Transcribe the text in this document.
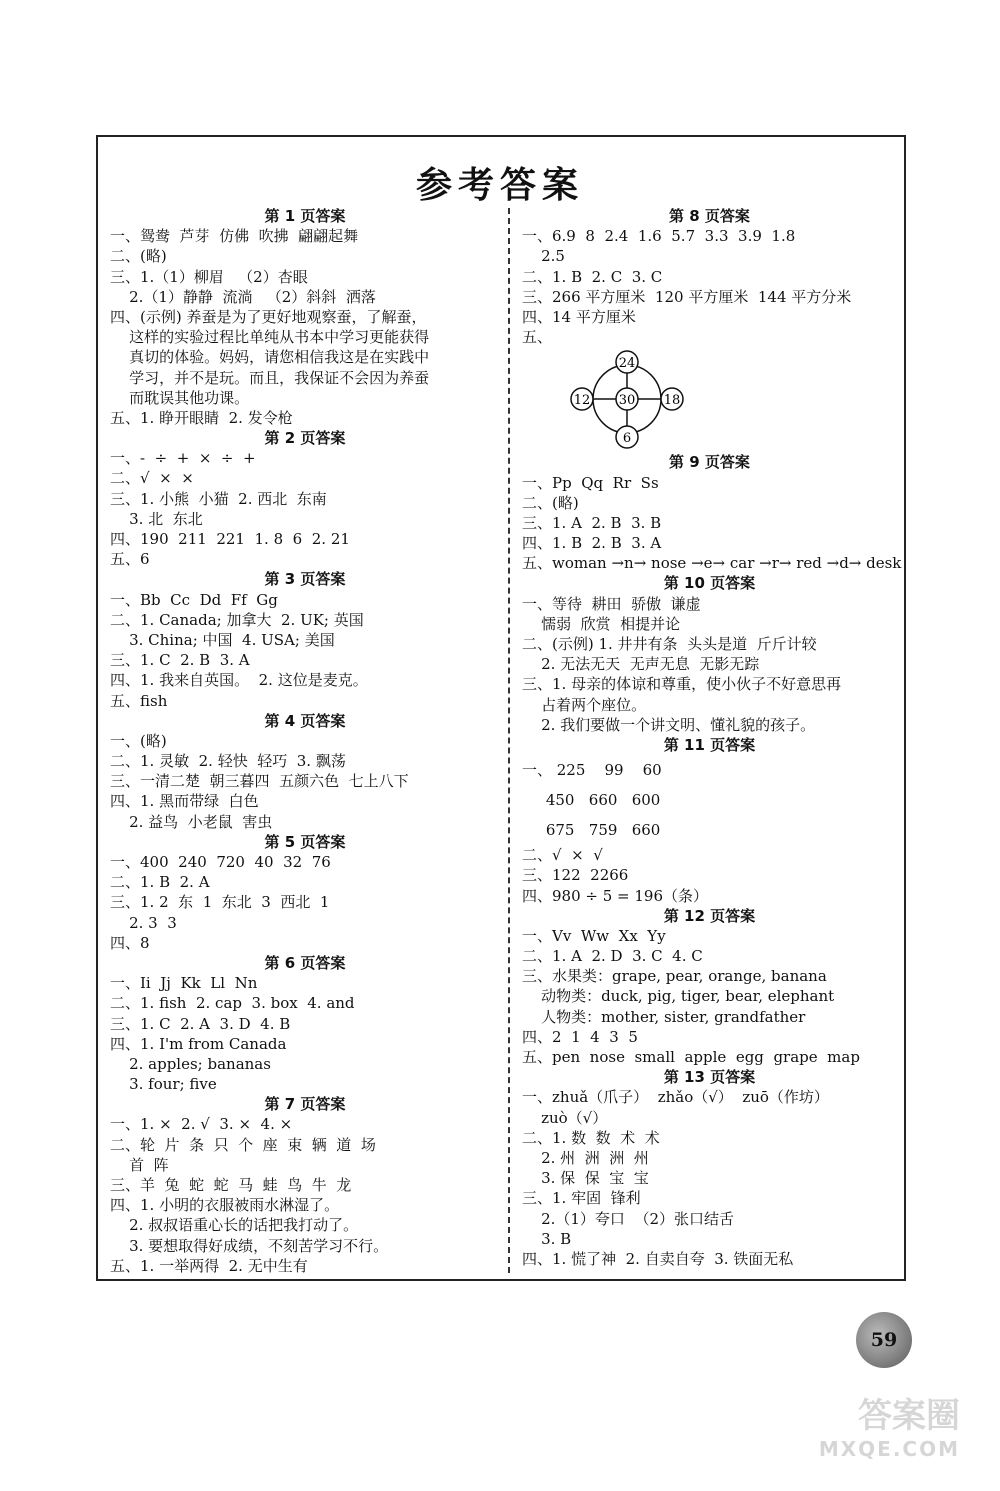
参考答案
第 1 页答案
一、鸳鸯  芦芽  仿佛  吹拂  翩翩起舞
二、(略)
三、1.（1）柳眉   （2）杏眼
2.（1）静静  流淌   （2）斜斜  洒落
四、(示例) 养蚕是为了更好地观察蚕，了解蚕，
这样的实验过程比单纯从书本中学习更能获得
真切的体验。妈妈，请您相信我这是在实践中
学习，并不是玩。而且，我保证不会因为养蚕
而耽误其他功课。
五、1. 睁开眼睛  2. 发令枪
第 2 页答案
一、-  ÷  +  ×  ÷  +
二、√  ×  ×
三、1. 小熊  小猫  2. 西北  东南
3. 北  东北
四、190  211  221  1. 8  6  2. 21
五、6
第 3 页答案
一、Bb  Cc  Dd  Ff  Gg
二、1. Canada; 加拿大  2. UK; 英国
3. China; 中国  4. USA; 美国
三、1. C  2. B  3. A
四、1. 我来自英国。  2. 这位是麦克。
五、fish
第 4 页答案
一、(略)
二、1. 灵敏  2. 轻快  轻巧  3. 飘荡
三、一清二楚  朝三暮四  五颜六色  七上八下
四、1. 黑而带绿  白色
2. 益鸟  小老鼠  害虫
第 5 页答案
一、400  240  720  40  32  76
二、1. B  2. A
三、1. 2  东  1  东北  3  西北  1
2. 3  3
四、8
第 6 页答案
一、Ii  Jj  Kk  Ll  Nn
二、1. fish  2. cap  3. box  4. and
三、1. C  2. A  3. D  4. B
四、1. I'm from Canada
2. apples; bananas
3. four; five
第 7 页答案
一、1. ×  2. √  3. ×  4. ×
二、轮  片  条  只  个  座  束  辆  道  场
首  阵
三、羊  兔  蛇  蛇  马  蛙  鸟  牛  龙
四、1. 小明的衣服被雨水淋湿了。
2. 叔叔语重心长的话把我打动了。
3. 要想取得好成绩，不刻苦学习不行。
五、1. 一举两得  2. 无中生有
第 8 页答案
一、6.9  8  2.4  1.6  5.7  3.3  3.9  1.8
2.5
二、1. B  2. C  3. C
三、266 平方厘米  120 平方厘米  144 平方分米
四、14 平方厘米
五、
24
12 30 18
6
第 9 页答案
一、Pp  Qq  Rr  Ss
二、(略)
三、1. A  2. B  3. B
四、1. B  2. B  3. A
五、woman →n→ nose →e→ car →r→ red →d→ desk
第 10 页答案
一、等待  耕田  骄傲  谦虚
懦弱  欣赏  相提并论
二、(示例) 1. 井井有条  头头是道  斤斤计较
2. 无法无天  无声无息  无影无踪
三、1. 母亲的体谅和尊重，使小伙子不好意思再
占着两个座位。
2. 我们要做一个讲文明、懂礼貌的孩子。
第 11 页答案
一、 225    99    60
450   660   600
675   759   660
二、√  ×  √
三、122  2266
四、980 ÷ 5 = 196（条）
第 12 页答案
一、Vv  Ww  Xx  Yy
二、1. A  2. D  3. C  4. C
三、水果类：grape, pear, orange, banana
动物类：duck, pig, tiger, bear, elephant
人物类：mother, sister, grandfather
四、2  1  4  3  5
五、pen  nose  small  apple  egg  grape  map
第 13 页答案
一、zhuǎ（爪子）  zhǎo（√）  zuō（作坊）
zuò（√）
二、1. 数  数  术  术
2. 州  洲  洲  州
3. 保  保  宝  宝
三、1. 牢固  锋利
2.（1）夸口  （2）张口结舌
3. B
四、1. 慌了神  2. 自卖自夸  3. 铁面无私
59
答案圈
MXQE.COM
